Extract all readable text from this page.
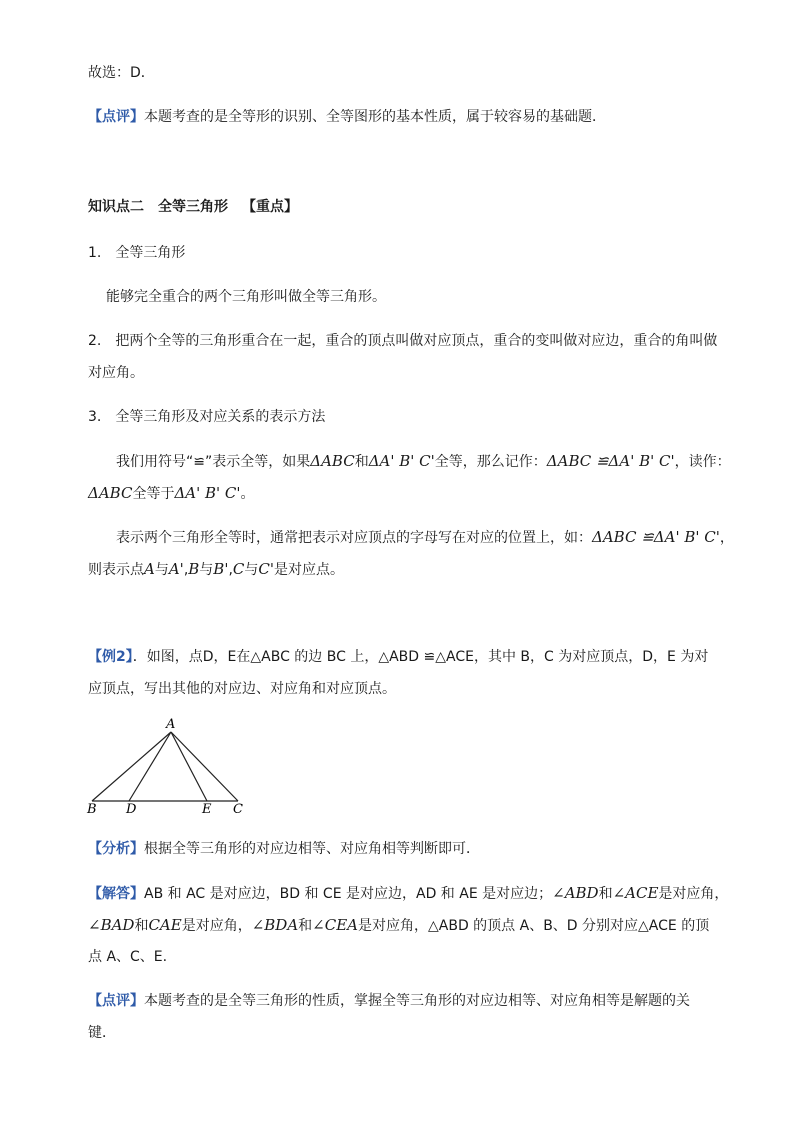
故选：D．
【点评】本题考查的是全等形的识别、全等图形的基本性质，属于较容易的基础题．
知识点二 全等三角形 【重点】
1. 全等三角形
能够完全重合的两个三角形叫做全等三角形。
2. 把两个全等的三角形重合在一起，重合的顶点叫做对应顶点，重合的变叫做对应边，重合的角叫做
对应角。
3. 全等三角形及对应关系的表示方法
我们用符号“≌”表示全等，如果ΔABC和ΔA' B' C'全等，那么记作：ΔABC ≌ΔA' B' C'，读作：
ΔABC全等于ΔA' B' C'。
表示两个三角形全等时，通常把表示对应顶点的字母写在对应的位置上，如：ΔABC ≌ΔA' B' C'，
则表示点A与A',B与B',C与C'是对应点。
【例2】．如图，点D，E在△ABC 的边 BC 上，△ABD ≌△ACE，其中 B，C 为对应顶点，D，E 为对
应顶点，写出其他的对应边、对应角和对应顶点。
A
B D	E C
【分析】根据全等三角形的对应边相等、对应角相等判断即可．
【解答】AB 和 AC 是对应边，BD 和 CE 是对应边，AD 和 AE 是对应边；∠ABD和∠ACE是对应角，
∠BAD和CAE是对应角，∠BDA和∠CEA是对应角，△ABD 的顶点 A、B、D 分别对应△ACE 的顶
点 A、C、E.
【点评】本题考查的是全等三角形的性质，掌握全等三角形的对应边相等、对应角相等是解题的关
键．
